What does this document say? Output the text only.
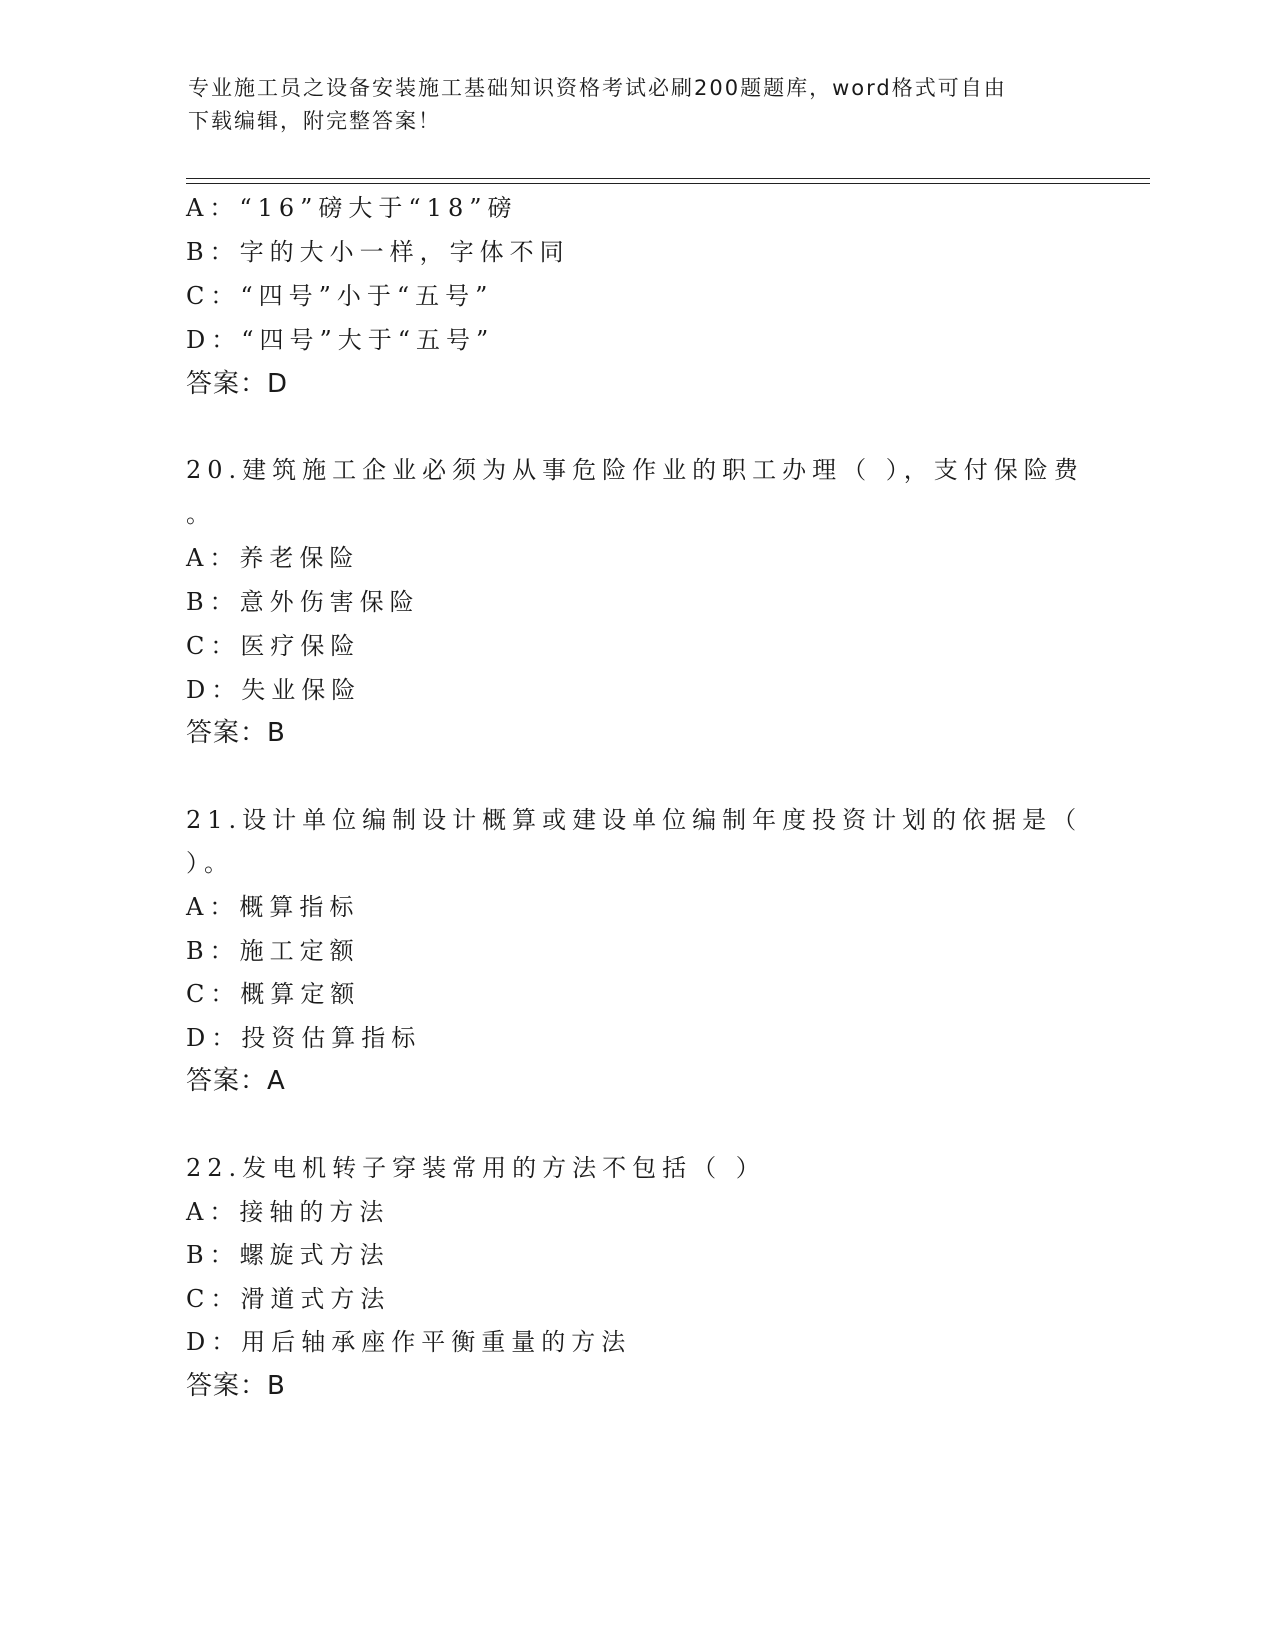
专业施工员之设备安装施工基础知识资格考试必刷200题题库，word格式可自由
下载编辑，附完整答案！
A：“16”磅大于“18”磅
B：字的大小一样，字体不同
C：“四号”小于“五号”
D：“四号”大于“五号”
答案：D
20.建筑施工企业必须为从事危险作业的职工办理（ ），支付保险费
。
A：养老保险
B：意外伤害保险
C：医疗保险
D：失业保险
答案：B
21.设计单位编制设计概算或建设单位编制年度投资计划的依据是（
）。
A：概算指标
B：施工定额
C：概算定额
D：投资估算指标
答案：A
22.发电机转子穿装常用的方法不包括（ ）
A：接轴的方法
B：螺旋式方法
C：滑道式方法
D：用后轴承座作平衡重量的方法
答案：B
